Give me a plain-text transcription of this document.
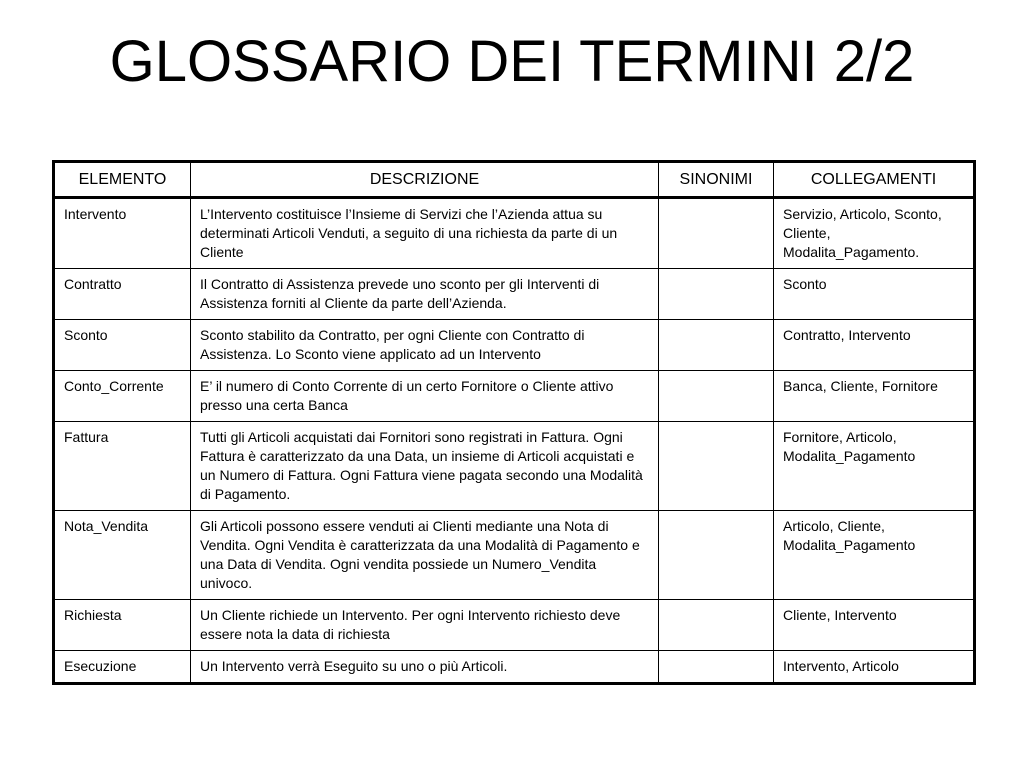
GLOSSARIO DEI TERMINI 2/2
ELEMENTO	DESCRIZIONE	SINONIMI	COLLEGAMENTI
Intervento	L’Intervento costituisce l’Insieme di Servizi che l’Azienda attua su determinati Articoli Venduti, a seguito di una richiesta da parte di un Cliente		Servizio, Articolo, Sconto, Cliente, Modalita_Pagamento.
Contratto	Il Contratto di Assistenza prevede uno sconto per gli Interventi di Assistenza forniti al Cliente da parte dell’Azienda.		Sconto
Sconto	Sconto stabilito da Contratto, per ogni Cliente con Contratto di Assistenza. Lo Sconto viene applicato ad un Intervento		Contratto, Intervento
Conto_Corrente	E’ il numero di Conto Corrente di un certo Fornitore o Cliente attivo presso una certa Banca		Banca, Cliente, Fornitore
Fattura	Tutti gli Articoli acquistati dai Fornitori sono registrati in Fattura. Ogni Fattura è caratterizzato da una Data, un insieme di Articoli acquistati e un Numero di Fattura. Ogni Fattura viene pagata secondo una Modalità di Pagamento.		Fornitore, Articolo, Modalita_Pagamento
Nota_Vendita	Gli Articoli possono essere venduti ai Clienti mediante una Nota di Vendita. Ogni Vendita è caratterizzata da una Modalità di Pagamento e una Data di Vendita. Ogni vendita possiede un Numero_Vendita univoco.		Articolo, Cliente, Modalita_Pagamento
Richiesta	Un Cliente richiede un Intervento. Per ogni Intervento richiesto deve essere nota la data di richiesta		Cliente, Intervento
Esecuzione	Un Intervento verrà Eseguito su uno o più Articoli.		Intervento, Articolo
